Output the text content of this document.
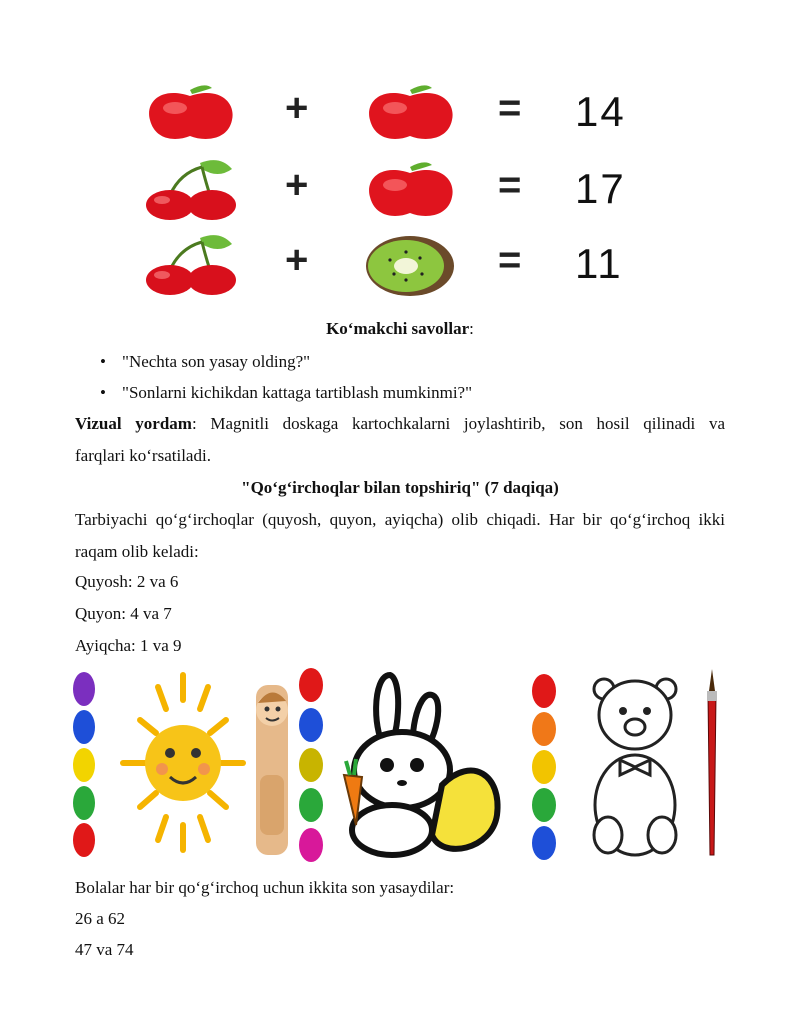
+	= 14
+	= 17
+	= 11
Ko‘makchi savollar:
• "Nechta son yasay olding?"
• "Sonlarni kichikdan kattaga tartiblash mumkinmi?"
Vizual yordam: Magnitli doskaga kartochkalarni joylashtirib, son hosil qilinadi va
farqlari ko‘rsatiladi.
"Qo‘g‘irchoqlar bilan topshiriq" (7 daqiqa)
Tarbiyachi qo‘g‘irchoqlar (quyosh, quyon, ayiqcha) olib chiqadi. Har bir qo‘g‘irchoq ikki
raqam olib keladi:
Quyosh: 2 va 6
Quyon: 4 va 7
Ayiqcha: 1 va 9
Bolalar har bir qo‘g‘irchoq uchun ikkita son yasaydilar:
26 a 62
47 va 74
